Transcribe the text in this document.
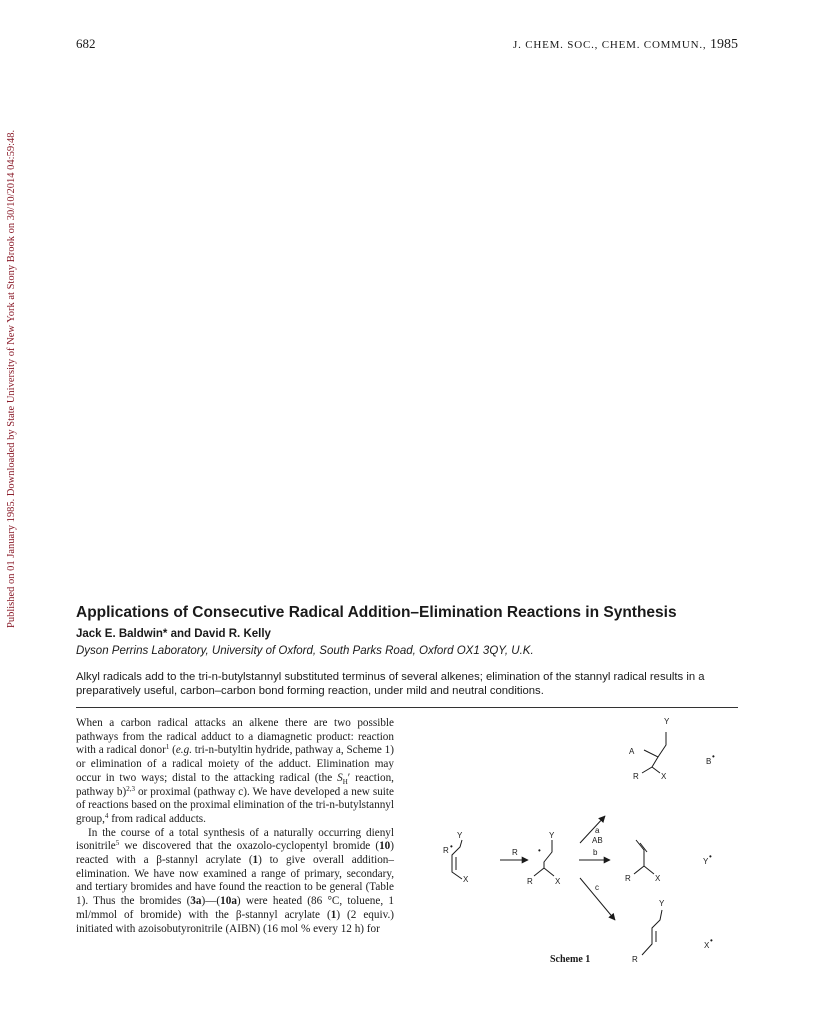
682	J. CHEM. SOC., CHEM. COMMUN., 1985
Published on 01 January 1985. Downloaded by State University of New York at Stony Brook on 30/10/2014 04:59:48.	Applications of Consecutive Radical Addition–Elimination Reactions in Synthesis
Jack E. Baldwin* and David R. Kelly
Dyson Perrins Laboratory, University of Oxford, South Parks Road, Oxford OX1 3QY, U.K.
Alkyl radicals add to the tri-n-butylstannyl substituted terminus of several alkenes; elimination of the stannyl radical results in a preparatively useful, carbon–carbon bond forming reaction, under mild and neutral conditions.

When a carbon radical attacks an alkene there are two possible pathways from the radical adduct to a diamagnetic product: reaction with a radical donor$^1$ (e.g. tri-n-butyltin hydride, pathway a, Scheme 1) or elimination of a radical moiety of the adduct. Elimination may occur in two ways; distal to the attacking radical (the $S_H'$ reaction, pathway b)$^{2,3}$ or proximal (pathway c). We have developed a new suite of reactions based on the proximal elimination of the tri-n-butylstannyl group,$^4$ from radical adducts.

In the course of a total synthesis of a naturally occurring dienyl isonitrile$^5$ we discovered that the oxazolo-cyclopentyl bromide (10) reacted with a β-stannyl acrylate (1) to give overall addition–elimination. We have now examined a range of primary, secondary, and tertiary bromides and have found the reaction to be general (Table 1). Thus the bromides (3a)—(10a) were heated (86 °C, toluene, 1 ml/mmol of bromide) with the β-stannyl acrylate (1) (2 equiv.) initiated with azoisobutyronitrile (AIBN) (16 mol % every 12 h) for

R •
Y
X
R
Y
•
R	X
a
AB
b
c
Y
A
R	X
B
•
R	X
Y
•
Y
R
X
•
Scheme 1
